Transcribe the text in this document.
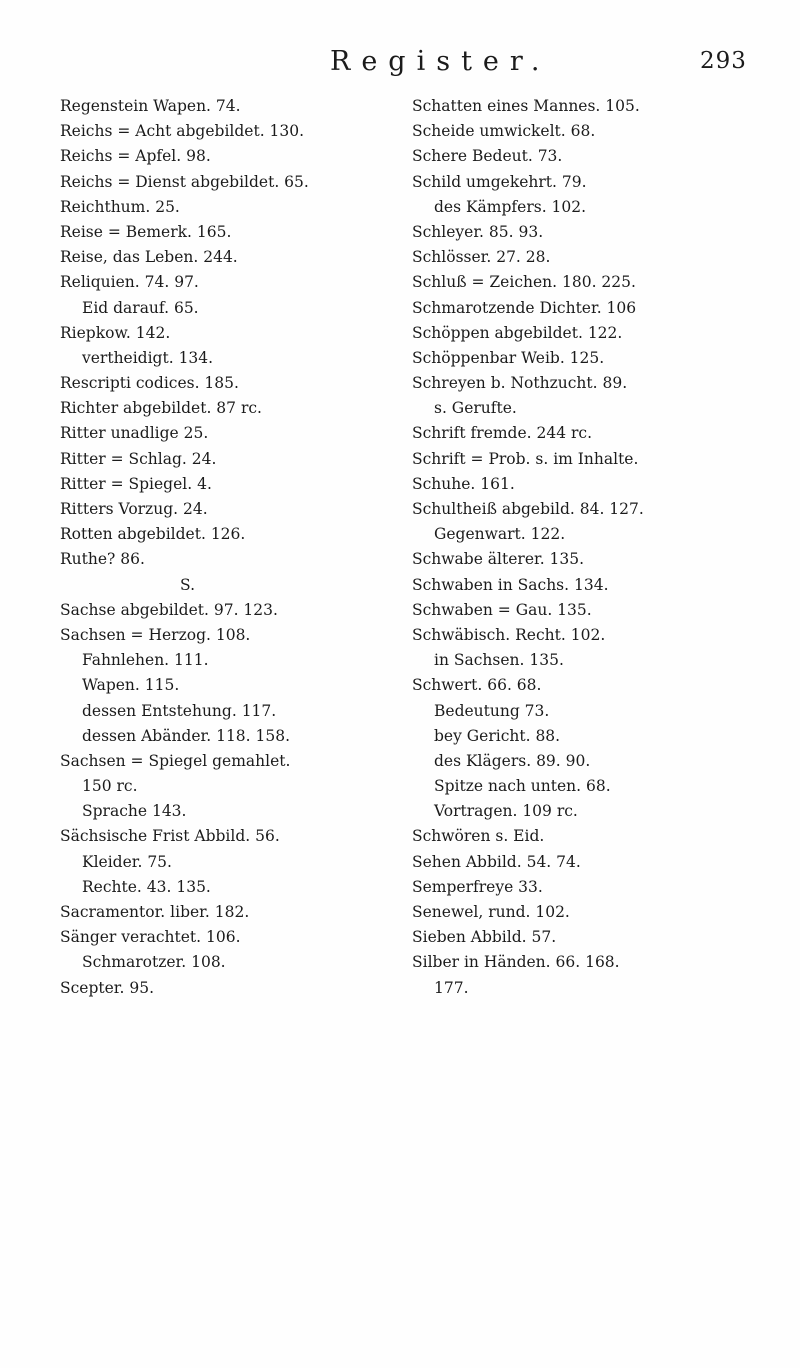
Register.	293
Regenstein Wapen. 74.
Reichs = Acht abgebildet. 130.
Reichs = Apfel. 98.
Reichs = Dienst abgebildet. 65.
Reichthum. 25.
Reise = Bemerk. 165.
Reise, das Leben. 244.
Reliquien. 74. 97.
Eid darauf. 65.
Riepkow. 142.
vertheidigt. 134.
Rescripti codices. 185.
Richter abgebildet. 87 rc.
Ritter unadlige 25.
Ritter = Schlag. 24.
Ritter = Spiegel. 4.
Ritters Vorzug. 24.
Rotten abgebildet. 126.
Ruthe? 86.
S.
Sachse abgebildet. 97. 123.
Sachsen = Herzog. 108.
Fahnlehen. 111.
Wapen. 115.
dessen Entstehung. 117.
dessen Abänder. 118. 158.
Sachsen = Spiegel gemahlet.
150 rc.
Sprache 143.
Sächsische Frist Abbild. 56.
Kleider. 75.
Rechte. 43. 135.
Sacramentor. liber. 182.
Sänger verachtet. 106.
Schmarotzer. 108.
Scepter. 95.
Schatten eines Mannes. 105.
Scheide umwickelt. 68.
Schere Bedeut. 73.
Schild umgekehrt. 79.
des Kämpfers. 102.
Schleyer. 85. 93.
Schlösser. 27. 28.
Schluß = Zeichen. 180. 225.
Schmarotzende Dichter. 106
Schöppen abgebildet. 122.
Schöppenbar Weib. 125.
Schreyen b. Nothzucht. 89.
s. Gerufte.
Schrift fremde. 244 rc.
Schrift = Prob. s. im Inhalte.
Schuhe. 161.
Schultheiß abgebild. 84. 127.
Gegenwart. 122.
Schwabe älterer. 135.
Schwaben in Sachs. 134.
Schwaben = Gau. 135.
Schwäbisch. Recht. 102.
in Sachsen. 135.
Schwert. 66. 68.
Bedeutung 73.
bey Gericht. 88.
des Klägers. 89. 90.
Spitze nach unten. 68.
Vortragen. 109 rc.
Schwören s. Eid.
Sehen Abbild. 54. 74.
Semperfreye 33.
Senewel, rund. 102.
Sieben Abbild. 57.
Silber in Händen. 66. 168.
177.
